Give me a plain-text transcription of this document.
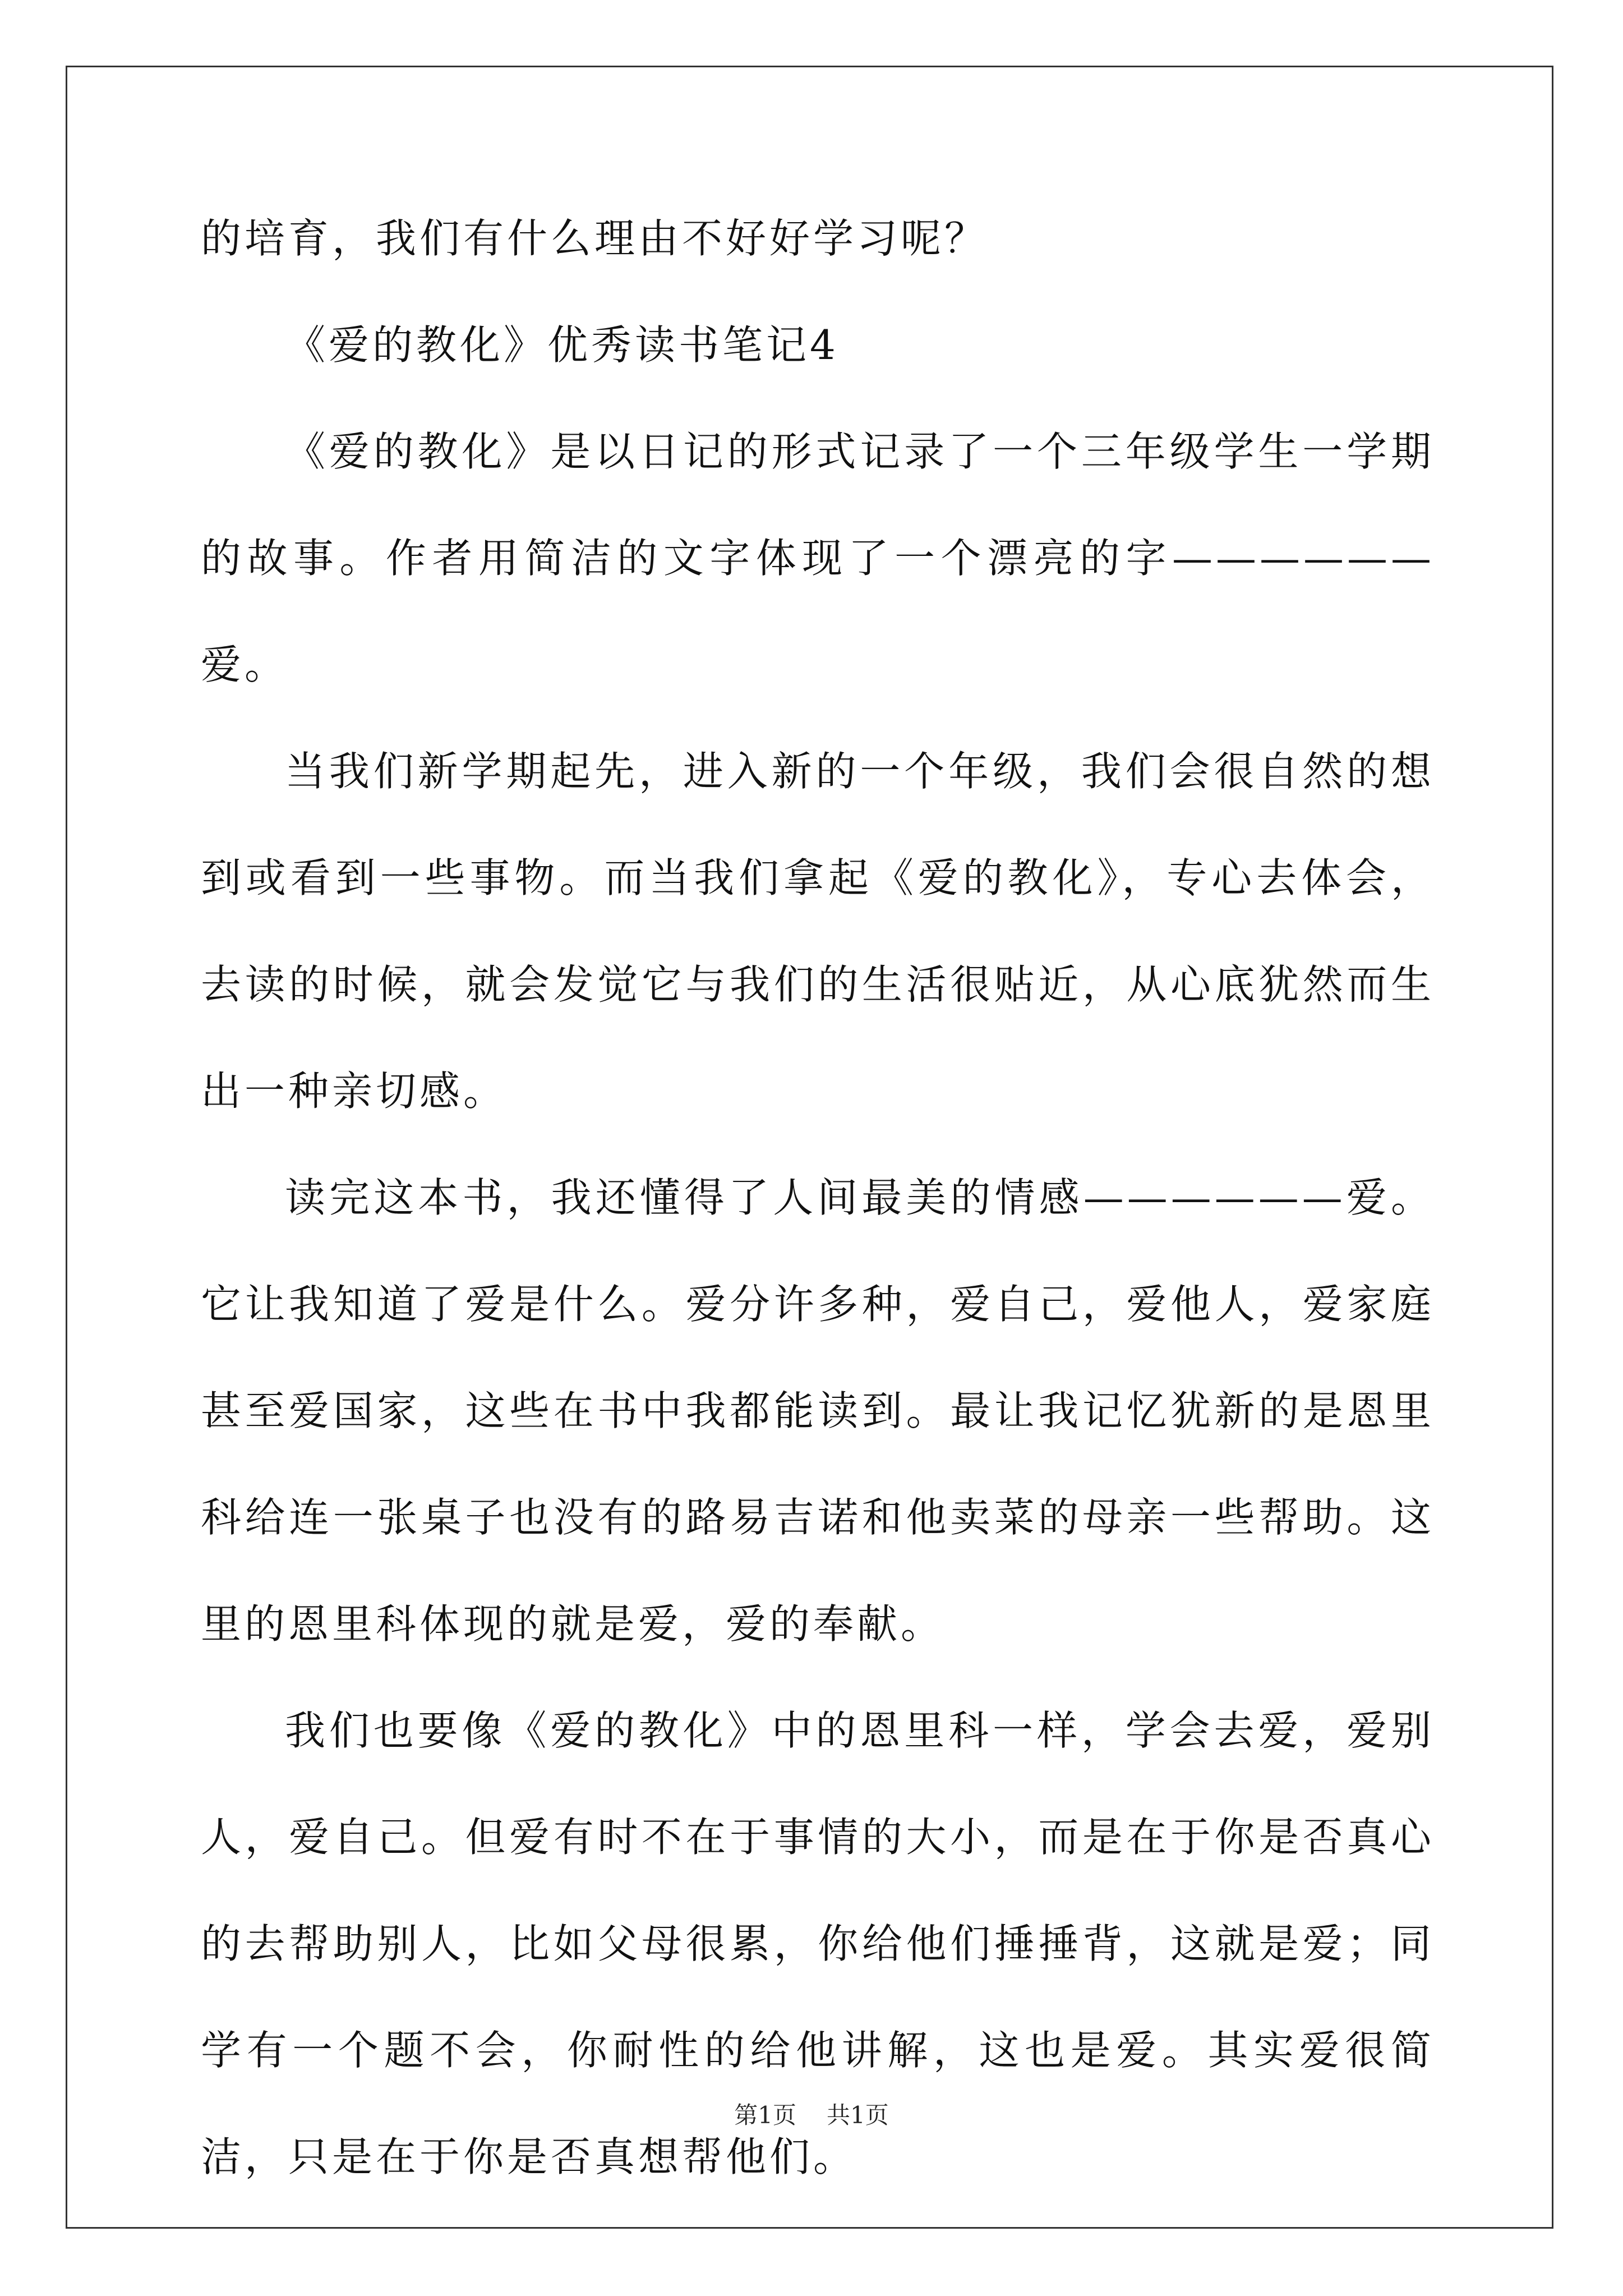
的培育，我们有什么理由不好好学习呢？

《爱的教化》优秀读书笔记4

《爱的教化》是以日记的形式记录了一个三年级学生一学期的故事。作者用简洁的文字体现了一个漂亮的字——————爱。

当我们新学期起先，进入新的一个年级，我们会很自然的想到或看到一些事物。而当我们拿起《爱的教化》，专心去体会，去读的时候，就会发觉它与我们的生活很贴近，从心底犹然而生出一种亲切感。

读完这本书，我还懂得了人间最美的情感——————爱。它让我知道了爱是什么。爱分许多种，爱自己，爱他人，爱家庭甚至爱国家，这些在书中我都能读到。最让我记忆犹新的是恩里科给连一张桌子也没有的路易吉诺和他卖菜的母亲一些帮助。这里的恩里科体现的就是爱，爱的奉献。

我们也要像《爱的教化》中的恩里科一样，学会去爱，爱别人，爱自己。但爱有时不在于事情的大小，而是在于你是否真心的去帮助别人，比如父母很累，你给他们捶捶背，这就是爱；同学有一个题不会，你耐性的给他讲解，这也是爱。其实爱很简洁，只是在于你是否真想帮他们。

第1页 共1页
